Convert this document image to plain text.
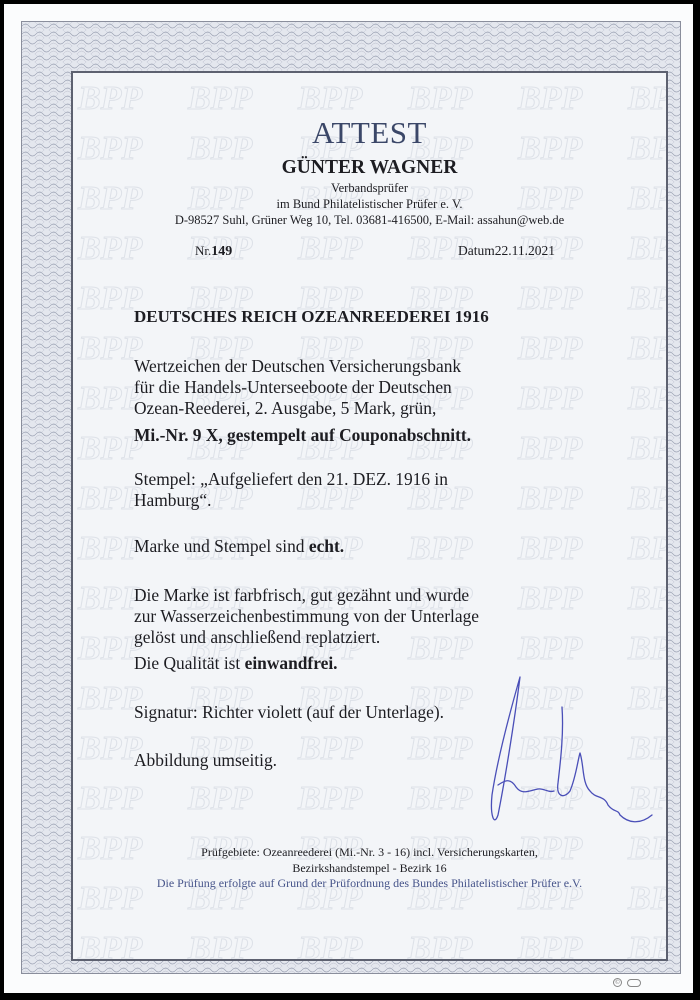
ATTEST
GÜNTER WAGNER
Verbandsprüfer
im Bund Philatelistischer Prüfer e. V.
D-98527 Suhl, Grüner Weg 10, Tel. 03681-416500, E-Mail: assahun@web.de
Nr.149	Datum22.11.2021
DEUTSCHES REICH OZEANREEDEREI 1916
Wertzeichen der Deutschen Versicherungsbank
für die Handels-Unterseeboote der Deutschen
Ozean-Reederei, 2. Ausgabe, 5 Mark, grün,
Mi.-Nr. 9 X, gestempelt auf Couponabschnitt.
Stempel: „Aufgeliefert den 21. DEZ. 1916 in
Hamburg“.
Marke und Stempel sind echt.
Die Marke ist farbfrisch, gut gezähnt und wurde
zur Wasserzeichenbestimmung von der Unterlage
gelöst und anschließend replatziert.
Die Qualität ist einwandfrei.
Signatur: Richter violett (auf der Unterlage).
Abbildung umseitig.
Prüfgebiete: Ozeanreederei (Mi.-Nr. 3 - 16) incl. Versicherungskarten,
Bezirkshandstempel - Bezirk 16
Die Prüfung erfolgte auf Grund der Prüfordnung des Bundes Philatelistischer Prüfer e.V.
©
